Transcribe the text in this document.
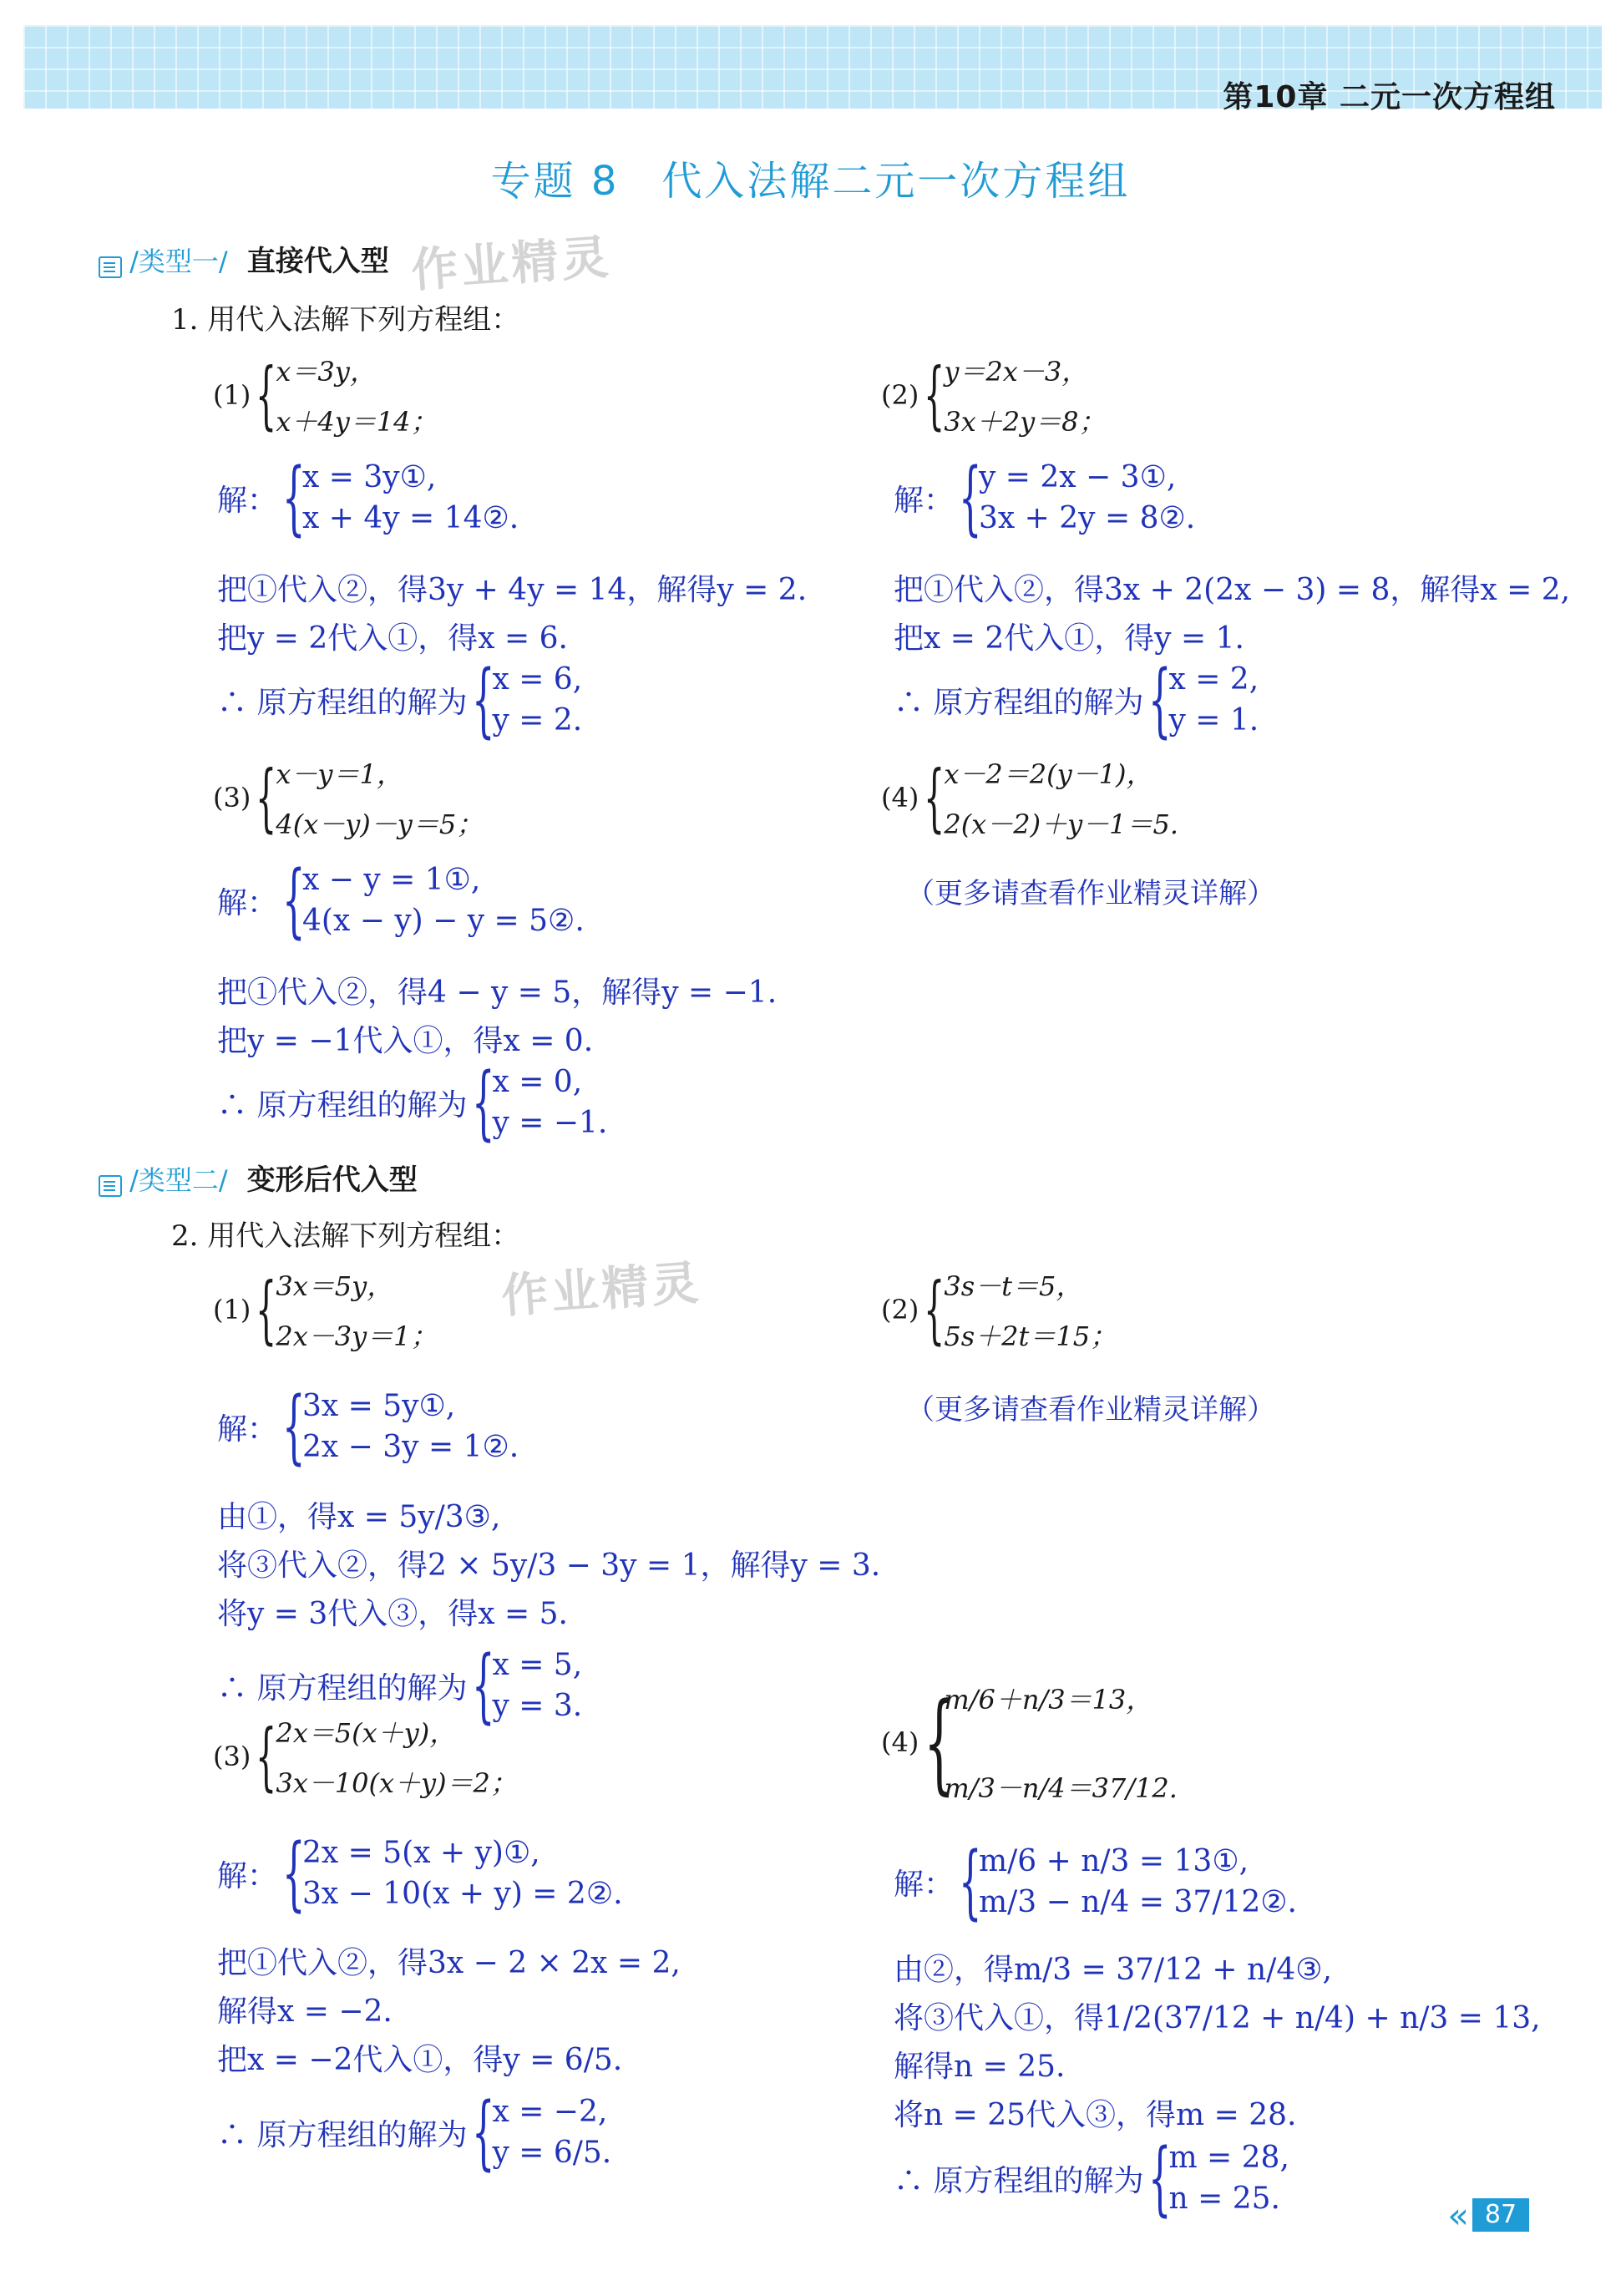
第10章 二元一次方程组
专题 8　代入法解二元一次方程组
/类型一/ 直接代入型 作业精灵
1. 用代入法解下列方程组：
(1) {
x＝3y，
x＋4y＝14；
解： {
x = 3y①,
x + 4y = 14②.
把①代入②，得3y + 4y = 14，解得y = 2.
把y = 2代入①，得x = 6.
∴ 原方程组的解为 {
x = 6,
y = 2.
(2) {
y＝2x－3，
3x＋2y＝8；
解： {
y = 2x − 3①,
3x + 2y = 8②.
把①代入②，得3x + 2(2x − 3) = 8，解得x = 2,
把x = 2代入①，得y = 1.
∴ 原方程组的解为 {
x = 2,
y = 1.
(3) {
x－y＝1，
4(x－y)－y＝5；
解： {
x − y = 1①,
4(x − y) − y = 5②.
把①代入②，得4 − y = 5，解得y = −1.
把y = −1代入①，得x = 0.
∴ 原方程组的解为 {
x = 0,
y = −1.
(4) {
x－2＝2(y－1)，
2(x－2)＋y－1＝5.
（更多请查看作业精灵详解）
/类型二/ 变形后代入型
2. 用代入法解下列方程组：
作业精灵
(1) {
3x＝5y，
2x－3y＝1；
解： {
3x = 5y①,
2x − 3y = 1②.
由①，得x = 5y/3③,
将③代入②，得2 × 5y/3 − 3y = 1，解得y = 3.
将y = 3代入③，得x = 5.
∴ 原方程组的解为 {
x = 5,
y = 3.
(2) {
3s－t＝5，
5s＋2t＝15；
（更多请查看作业精灵详解）
(3) {
2x＝5(x＋y)，
3x－10(x＋y)＝2；
解： {
2x = 5(x + y)①,
3x − 10(x + y) = 2②.
把①代入②，得3x − 2 × 2x = 2,
解得x = −2.
把x = −2代入①，得y = 6/5.
∴ 原方程组的解为 {
x = −2,
y = 6/5.
(4) {
m/6＋n/3＝13，
m/3－n/4＝37/12.
解： {
m/6 + n/3 = 13①,
m/3 − n/4 = 37/12②.
由②，得m/3 = 37/12 + n/4③,
将③代入①，得1/2(37/12 + n/4) + n/3 = 13,
解得n = 25.
将n = 25代入③，得m = 28.
∴ 原方程组的解为 {
m = 28,
n = 25.	« 87
